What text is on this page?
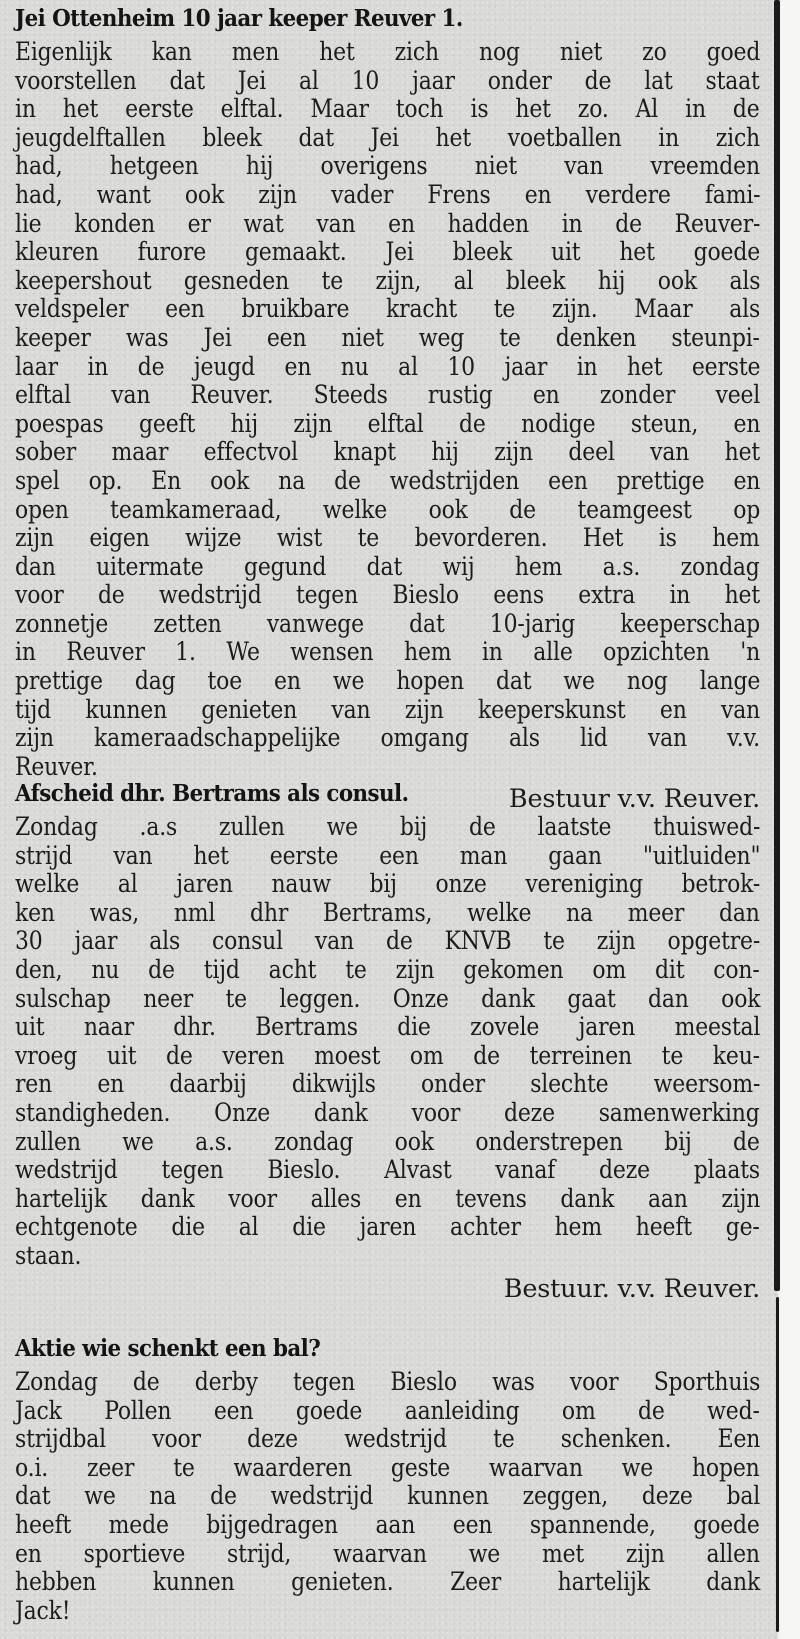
Jei Ottenheim 10 jaar keeper Reuver 1.
Eigenlijk kan men het zich nog niet zo goed
voorstellen dat Jei al 10 jaar onder de lat staat
in het eerste elftal. Maar toch is het zo. Al in de
jeugdelftallen bleek dat Jei het voetballen in zich
had, hetgeen hij overigens niet van vreemden
had, want ook zijn vader Frens en verdere fami-
lie konden er wat van en hadden in de Reuver-
kleuren furore gemaakt. Jei bleek uit het goede
keepershout gesneden te zijn, al bleek hij ook als
veldspeler een bruikbare kracht te zijn. Maar als
keeper was Jei een niet weg te denken steunpi-
laar in de jeugd en nu al 10 jaar in het eerste
elftal van Reuver. Steeds rustig en zonder veel
poespas geeft hij zijn elftal de nodige steun, en
sober maar effectvol knapt hij zijn deel van het
spel op. En ook na de wedstrijden een prettige en
open teamkameraad, welke ook de teamgeest op
zijn eigen wijze wist te bevorderen. Het is hem
dan uitermate gegund dat wij hem a.s. zondag
voor de wedstrijd tegen Bieslo eens extra in het
zonnetje zetten vanwege dat 10-jarig keeperschap
in Reuver 1. We wensen hem in alle opzichten 'n
prettige dag toe en we hopen dat we nog lange
tijd kunnen genieten van zijn keeperskunst en van
zijn kameraadschappelijke omgang als lid van v.v.
Reuver.
Bestuur v.v. Reuver.
Afscheid dhr. Bertrams als consul.
Zondag .a.s zullen we bij de laatste thuiswed-
strijd van het eerste een man gaan "uitluiden"
welke al jaren nauw bij onze vereniging betrok-
ken was, nml dhr Bertrams, welke na meer dan
30 jaar als consul van de KNVB te zijn opgetre-
den, nu de tijd acht te zijn gekomen om dit con-
sulschap neer te leggen. Onze dank gaat dan ook
uit naar dhr. Bertrams die zovele jaren meestal
vroeg uit de veren moest om de terreinen te keu-
ren en daarbij dikwijls onder slechte weersom-
standigheden. Onze dank voor deze samenwerking
zullen we a.s. zondag ook onderstrepen bij de
wedstrijd tegen Bieslo. Alvast vanaf deze plaats
hartelijk dank voor alles en tevens dank aan zijn
echtgenote die al die jaren achter hem heeft ge-
staan.
Bestuur. v.v. Reuver.
Aktie wie schenkt een bal?
Zondag de derby tegen Bieslo was voor Sporthuis
Jack Pollen een goede aanleiding om de wed-
strijdbal voor deze wedstrijd te schenken. Een
o.i. zeer te waarderen geste waarvan we hopen
dat we na de wedstrijd kunnen zeggen, deze bal
heeft mede bijgedragen aan een spannende, goede
en sportieve strijd, waarvan we met zijn allen
hebben kunnen genieten. Zeer hartelijk dank
Jack!
